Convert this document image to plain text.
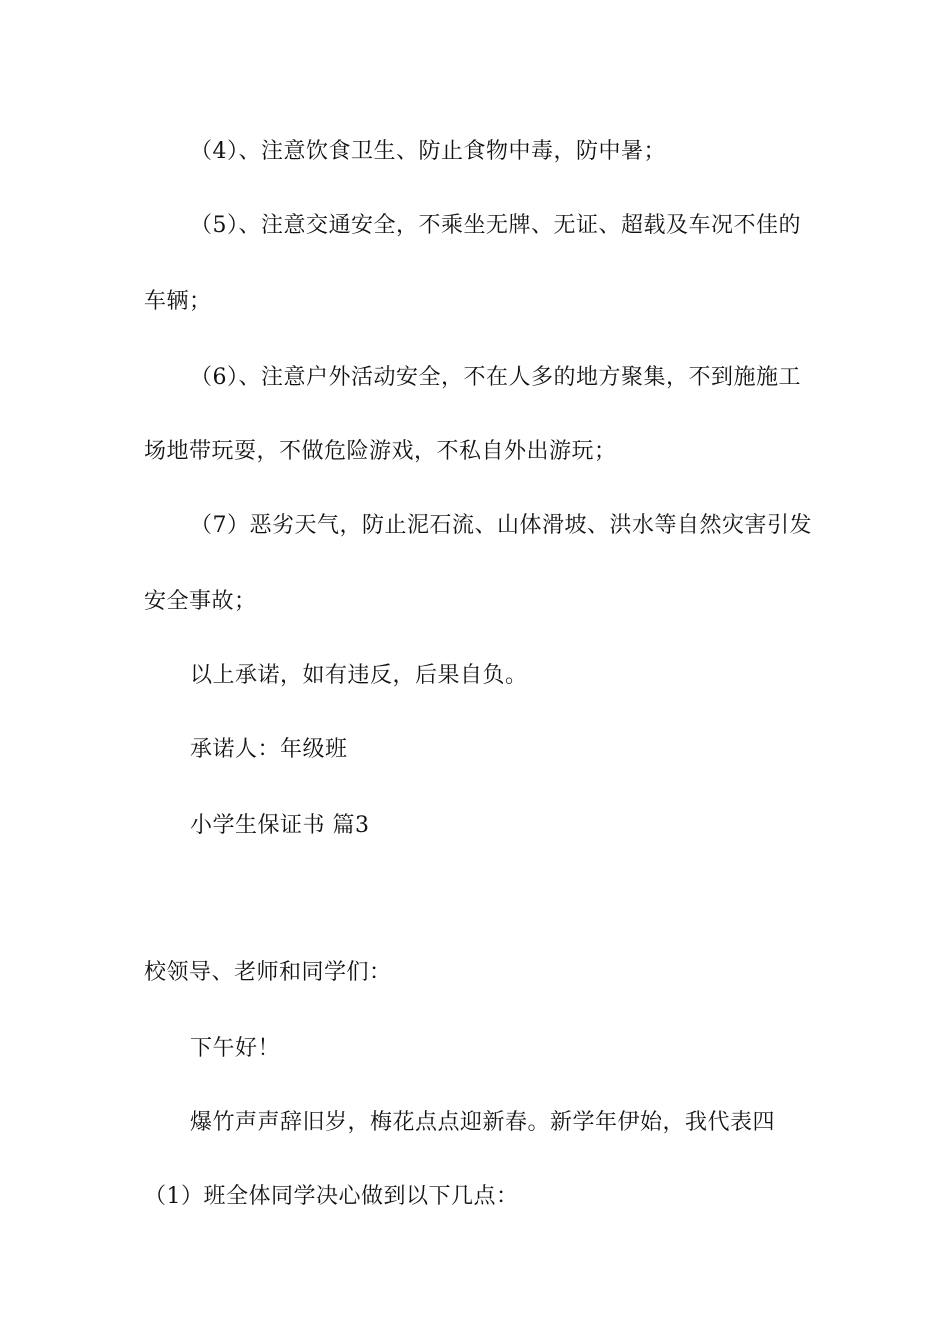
（4）、注意饮食卫生、防止食物中毒，防中暑；
（5）、注意交通安全，不乘坐无牌、无证、超载及车况不佳的
车辆；
（6）、注意户外活动安全，不在人多的地方聚集，不到施施工
场地带玩耍，不做危险游戏，不私自外出游玩；
（7）恶劣天气，防止泥石流、山体滑坡、洪水等自然灾害引发
安全事故；
以上承诺，如有违反，后果自负。
承诺人：年级班
小学生保证书 篇3
校领导、老师和同学们：
下午好！
爆竹声声辞旧岁，梅花点点迎新春。新学年伊始，我代表四
（1）班全体同学决心做到以下几点：
